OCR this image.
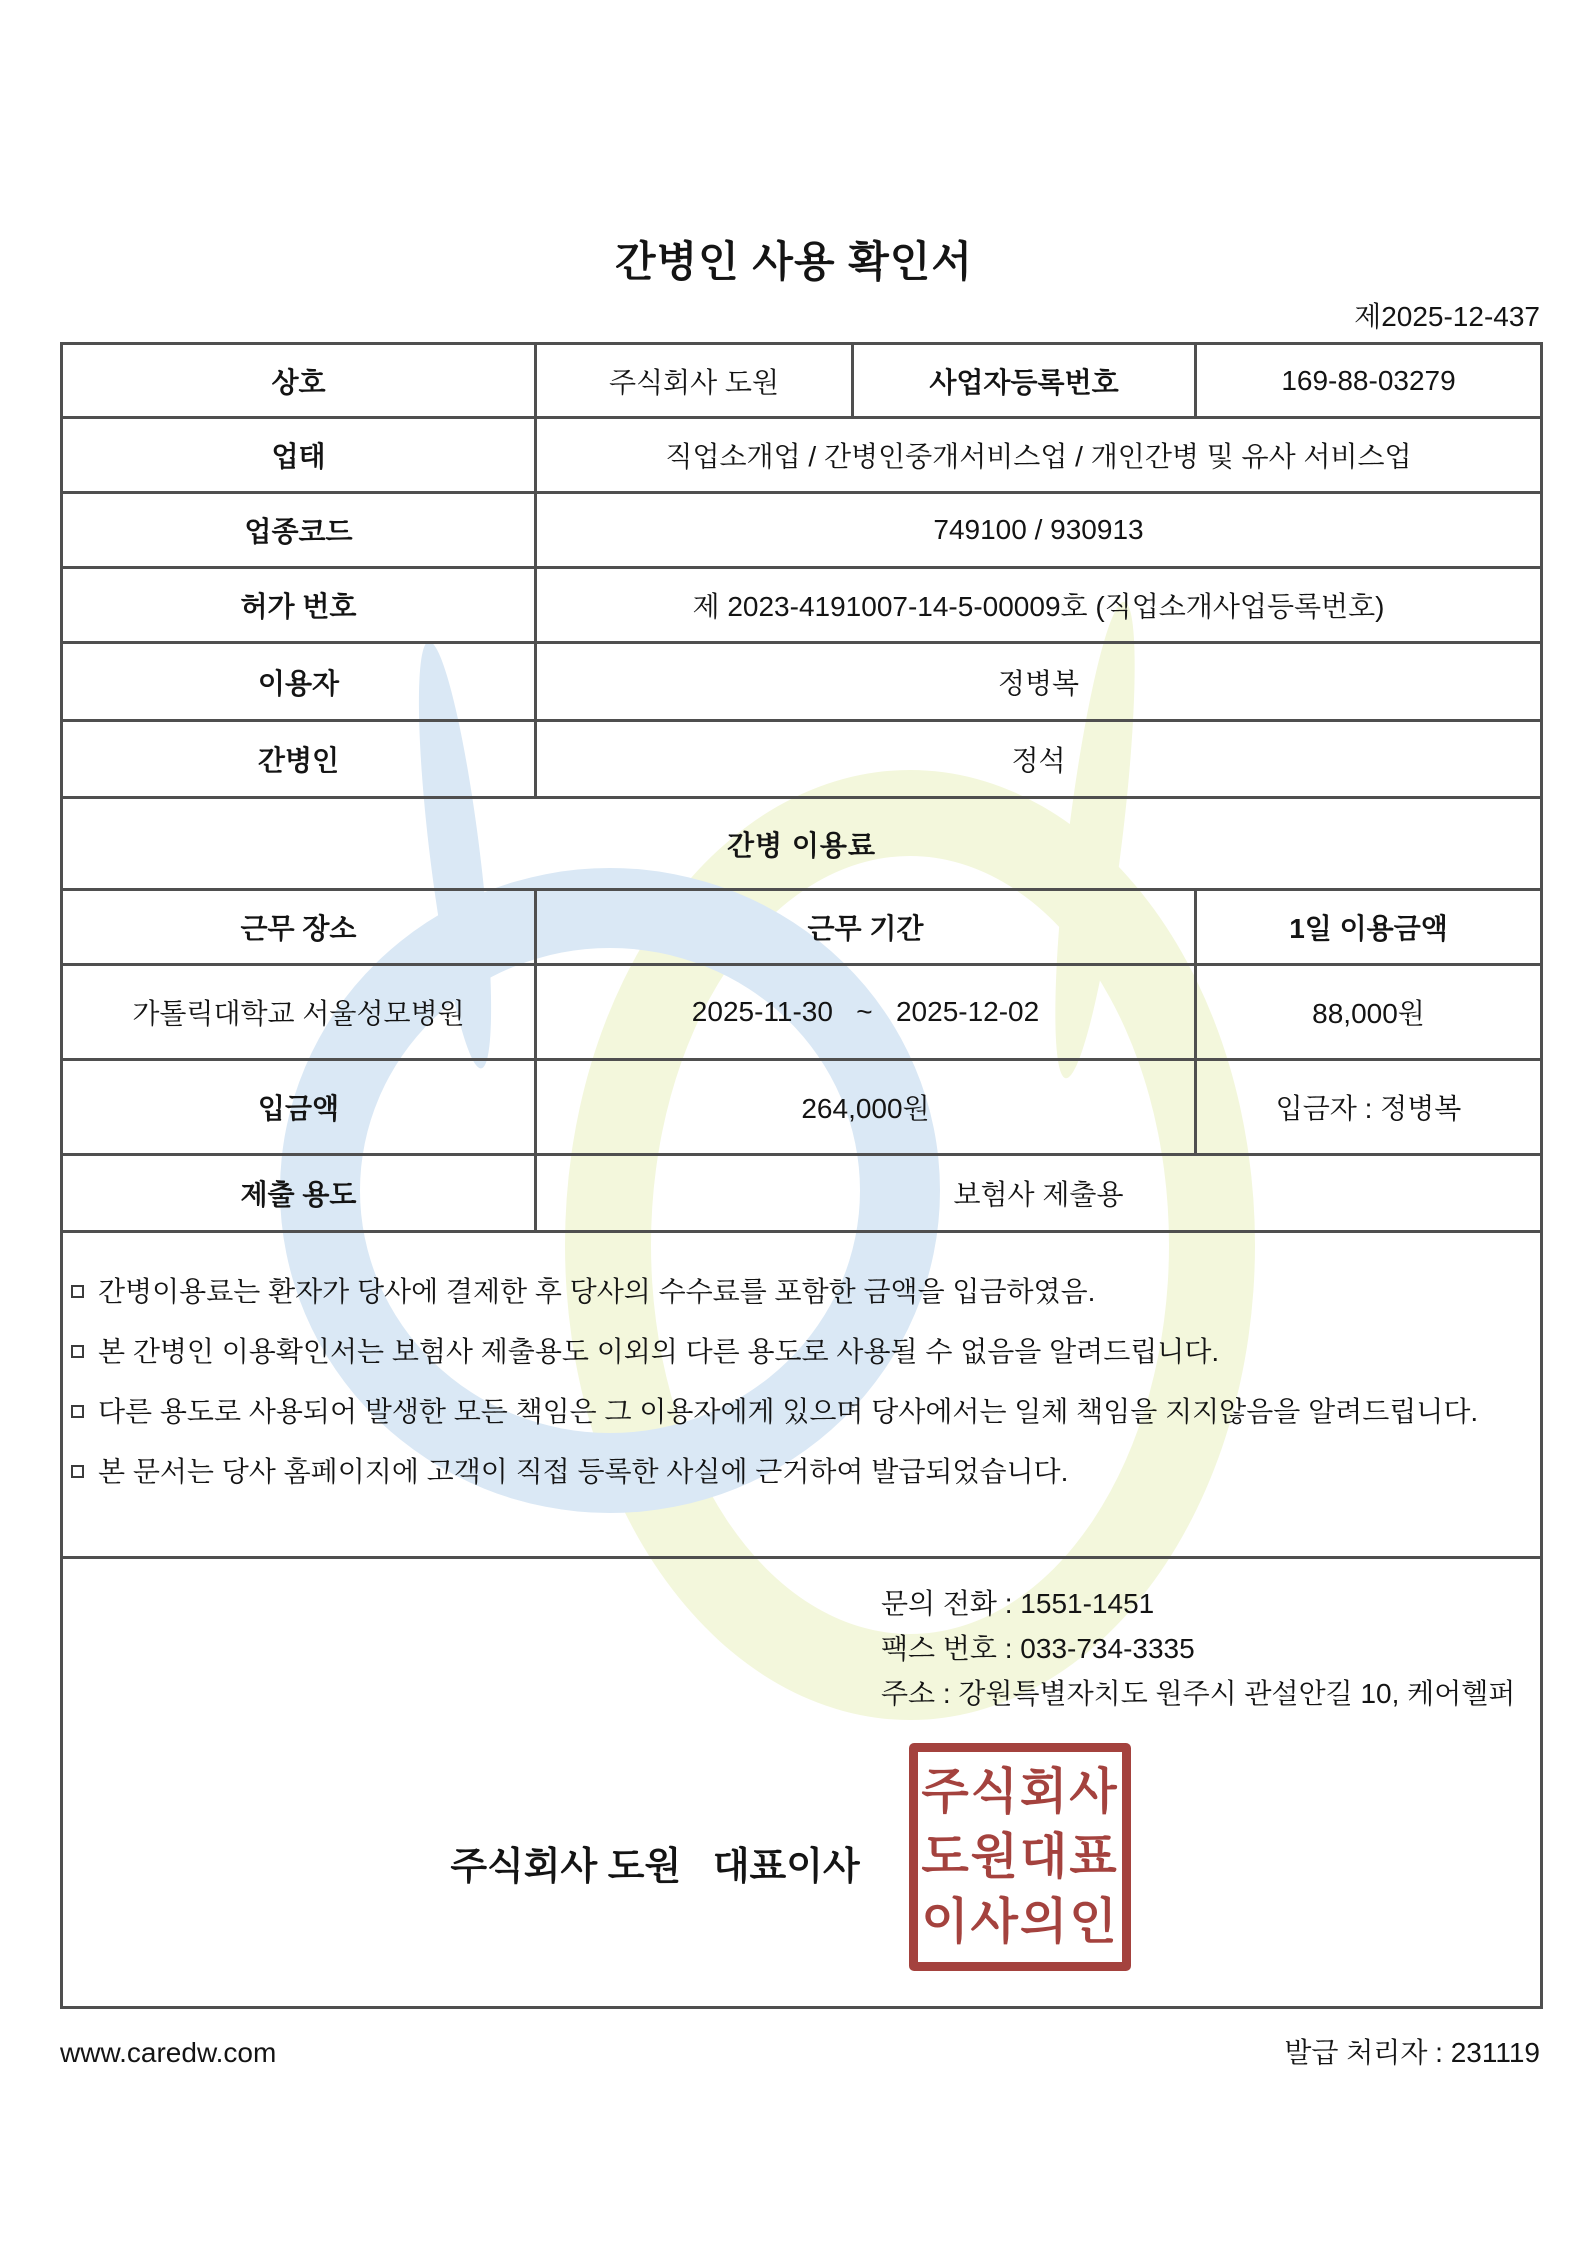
간병인 사용 확인서
제2025-12-437
상호	주식회사 도원	사업자등록번호	169-88-03279
업태	직업소개업 / 간병인중개서비스업 / 개인간병 및 유사 서비스업		
업종코드	749100 / 930913		
허가 번호	제 2023-4191007-14-5-00009호 (직업소개사업등록번호)		
이용자	정병복		
간병인	정석		
간병 이용료			
근무 장소	근무 기간		1일 이용금액
가톨릭대학교 서울성모병원	2025-11-30   ~   2025-12-02		88,000원
입금액	264,000원		입금자 : 정병복
제출 용도	보험사 제출용		

간병이용료는 환자가 당사에 결제한 후 당사의 수수료를 포함한 금액을 입금하였음.
본 간병인 이용확인서는 보험사 제출용도 이외의 다른 용도로 사용될 수 없음을 알려드립니다.
다른 용도로 사용되어 발생한 모든 책임은 그 이용자에게 있으며 당사에서는 일체 책임을 지지않음을 알려드립니다.
본 문서는 당사 홈페이지에 고객이 직접 등록한 사실에 근거하여 발급되었습니다.			

문의 전화 : 1551-1451
팩스 번호 : 033-734-3335
주소 : 강원특별자치도 원주시 관설안길 10, 케어헬퍼
주식회사 도원   대표이사
주식회사
도원대표
이사의인
www.caredw.com	발급 처리자 : 231119
